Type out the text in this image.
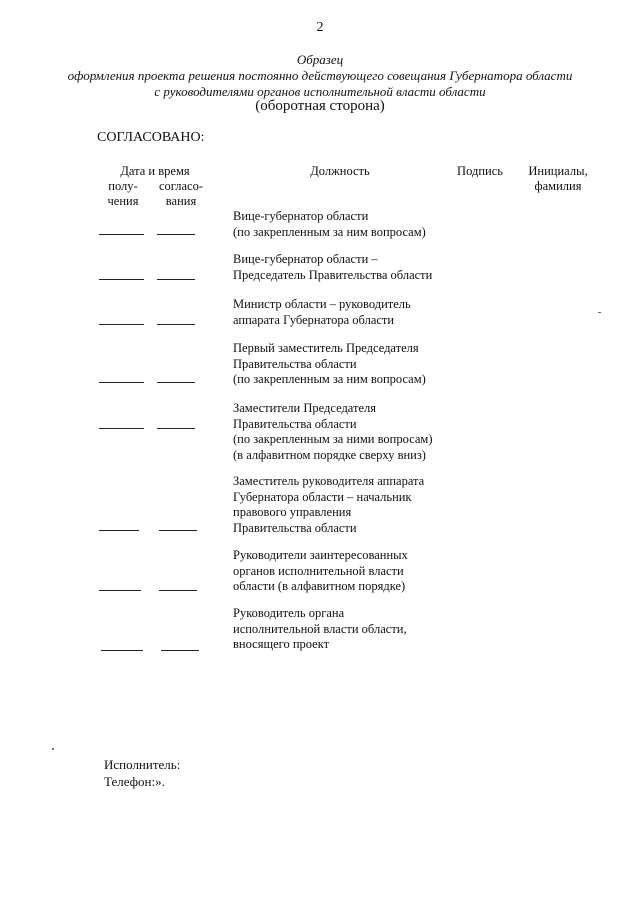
2
Образец
оформления проекта решения постоянно действующего совещания Губернатора области
с руководителями органов исполнительной власти области
(оборотная сторона)
СОГЛАСОВАНО:
Дата и время
полу-
чения
согласо-
вания
Должность	Подпись	Инициалы,
фамилия
Вице-губернатор области
(по закрепленным за ним вопросам)
Вице-губернатор области –
Председатель Правительства области
Министр области – руководитель
аппарата Губернатора области
Первый заместитель Председателя
Правительства области
(по закрепленным за ним вопросам)
Заместители Председателя
Правительства области
(по закрепленным за ними вопросам)
(в алфавитном порядке сверху вниз)
Заместитель руководителя аппарата
Губернатора области – начальник
правового управления
Правительства области
Руководители заинтересованных
органов исполнительной власти
области (в алфавитном порядке)
Руководитель органа
исполнительной власти области,
вносящего проект
Исполнитель:
Телефон:».
